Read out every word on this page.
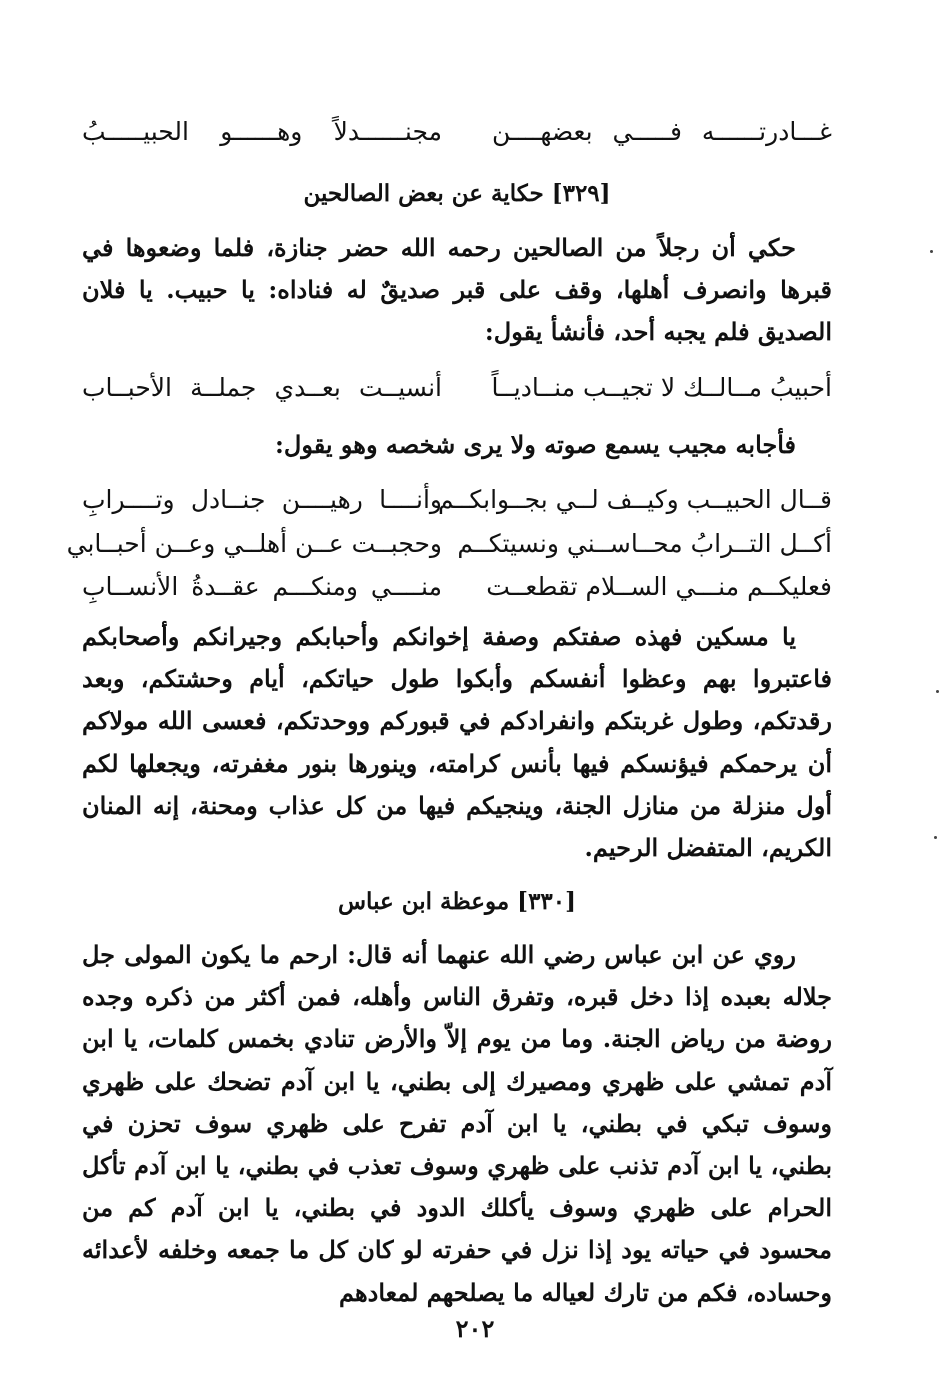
غـــادرتــــــه فـــــي بعضهــــن
مجنــــــدلاً وهــــــو الحبيـــــبُ
[٣٢٩] حكاية عن بعض الصالحين

حكي أن رجلاً من الصالحين رحمه الله حضر جنازة، فلما وضعوها في قبرها وانصرف أهلها، وقف على قبر صديقٌ له فناداه: يا حبيب. يا فلان الصديق فلم يجبه أحد، فأنشأ يقول:

أحبيبُ مــالــك لا تجيــب منــاديــاً
أنسيــت بعــدي جملــة الأحبــاب
فأجابه مجيب يسمع صوته ولا يرى شخصه وهو يقول:
قــال الحبيــب وكيــف لــي بجــوابكــم
وأنــــا رهيــــن جنــادل وتــــرابِ
أكــل التــرابُ محــاســني ونسيتكــم
وحجبــت عــن أهلــي وعــن أحبــابي
فعليكــم منـــي الســلام تقطعــت
منــــي ومنكـــم عقــدةُ الأنســابِ

يا مسكين فهذه صفتكم وصفة إخوانكم وأحبابكم وجيرانكم وأصحابكم فاعتبروا بهم وعظوا أنفسكم وأبكوا طول حياتكم، أيام وحشتكم، وبعد رقدتكم، وطول غربتكم وانفرادكم في قبوركم ووحدتكم، فعسى الله مولاكم أن يرحمكم فيؤنسكم فيها بأنس كرامته، وينورها بنور مغفرته، ويجعلها لكم أول منزلة من منازل الجنة، وينجيكم فيها من كل عذاب ومحنة، إنه المنان الكريم، المتفضل الرحيم.

[٣٣٠] موعظة ابن عباس

روي عن ابن عباس رضي الله عنهما أنه قال: ارحم ما يكون المولى جل جلاله بعبده إذا دخل قبره، وتفرق الناس وأهله، فمن أكثر من ذكره وجده روضة من رياض الجنة. وما من يوم إلاّ والأرض تنادي بخمس كلمات، يا ابن آدم تمشي على ظهري ومصيرك إلى بطني، يا ابن آدم تضحك على ظهري وسوف تبكي في بطني، يا ابن آدم تفرح على ظهري سوف تحزن في بطني، يا ابن آدم تذنب على ظهري وسوف تعذب في بطني، يا ابن آدم تأكل الحرام على ظهري وسوف يأكلك الدود في بطني، يا ابن آدم كم من محسود في حياته يود إذا نزل في حفرته لو كان كل ما جمعه وخلفه لأعدائه وحساده، فكم من تارك لعياله ما يصلحهم لمعادهم

٢٠٢
